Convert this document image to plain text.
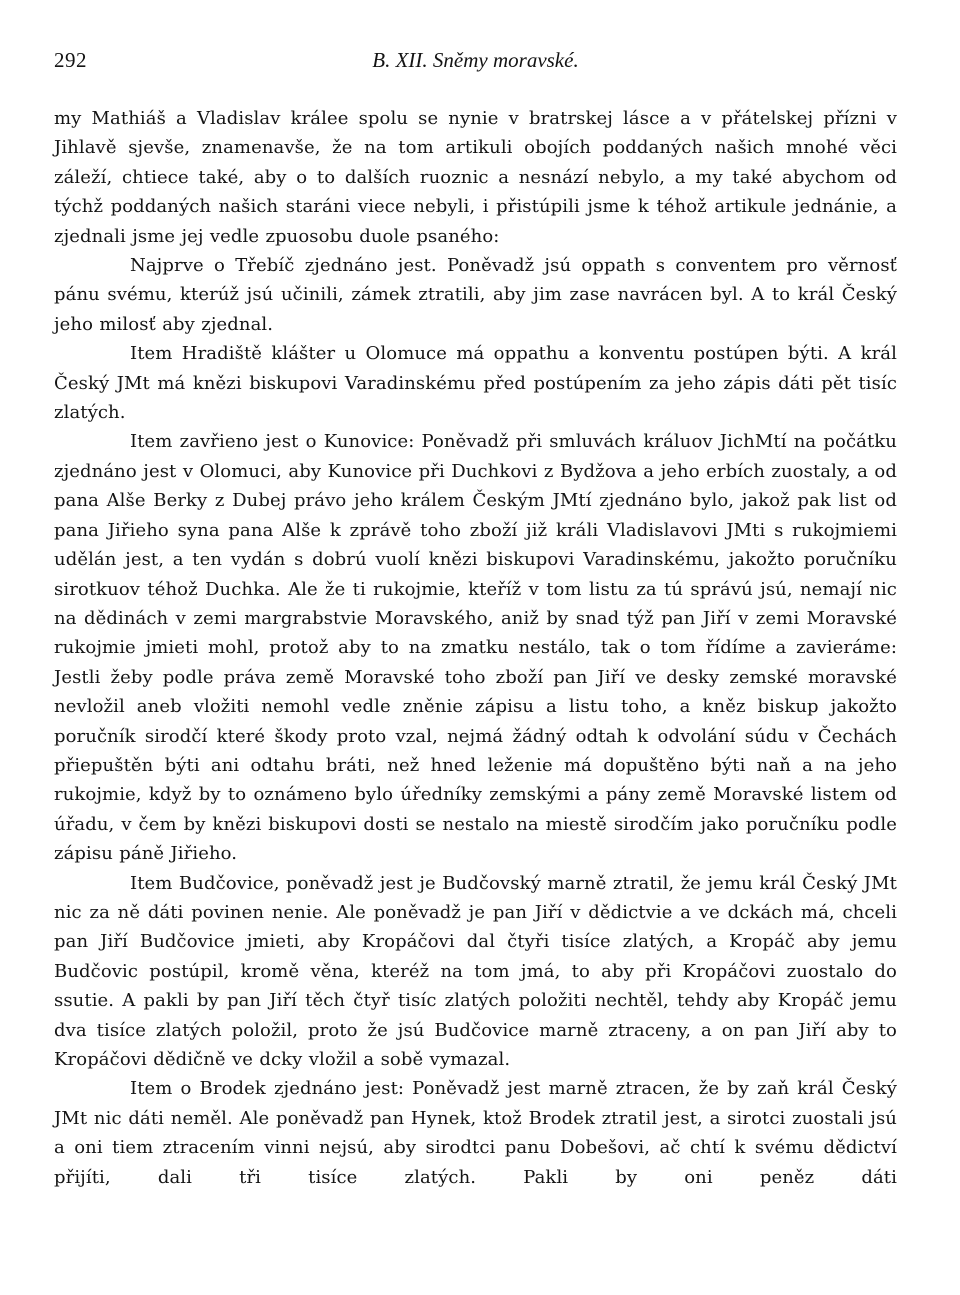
292	B. XII. Sněmy moravské.

my Mathiáš a Vladislav králee spolu se nynie v bratrskej lásce a v přátelskej přízni v Jihlavě sjevše, znamenavše, že na tom artikuli obojích poddaných našich mnohé věci záleží, chtiece také, aby o to dalších ruoznic a nesnází nebylo, a my také abychom od týchž poddaných našich staráni viece nebyli, i přistúpili jsme k téhož artikule jednánie, a zjednali jsme jej vedle zpuosobu duole psaného:

Najprve o Třebíč zjednáno jest. Poněvadž jsú oppath s conventem pro věrnosť pánu svému, kterúž jsú učinili, zámek ztratili, aby jim zase navrácen byl. A to král Český jeho milosť aby zjednal.

Item Hradiště klášter u Olomuce má oppathu a konventu postúpen býti. A král Český JMt má knězi biskupovi Varadinskému před postúpením za jeho zápis dáti pět tisíc zlatých.

Item zavřieno jest o Kunovice: Poněvadž při smluvách králuov JichMtí na počátku zjednáno jest v Olomuci, aby Kunovice při Duchkovi z Bydžova a jeho erbích zuostaly, a od pana Alše Berky z Dubej právo jeho králem Českým JMtí zjednáno bylo, jakož pak list od pana Jiřieho syna pana Alše k zprávě toho zboží již králi Vladislavovi JMti s rukojmiemi udělán jest, a ten vydán s dobrú vuolí knězi biskupovi Varadinskému, jakožto poručníku sirotkuov téhož Duchka. Ale že ti rukojmie, kteříž v tom listu za tú správú jsú, nemají nic na dědinách v zemi margrabstvie Moravského, aniž by snad týž pan Jiří v zemi Moravské rukojmie jmieti mohl, protož aby to na zmatku nestálo, tak o tom řídíme a zavieráme: Jestli žeby podle práva země Moravské toho zboží pan Jiří ve desky zemské moravské nevložil aneb vložiti nemohl vedle zněnie zápisu a listu toho, a kněz biskup jakožto poručník sirodčí které škody proto vzal, nejmá žádný odtah k odvolání súdu v Čechách přiepuštěn býti ani odtahu bráti, než hned leženie má dopuštěno býti naň a na jeho rukojmie, když by to oznámeno bylo úředníky zemskými a pány země Moravské listem od úřadu, v čem by knězi biskupovi dosti se nestalo na miestě sirodčím jako poručníku podle zápisu páně Jiřieho.

Item Budčovice, poněvadž jest je Budčovský marně ztratil, že jemu král Český JMt nic za ně dáti povinen nenie. Ale poněvadž je pan Jiří v dědictvie a ve dckách má, chceli pan Jiří Budčovice jmieti, aby Kropáčovi dal čtyři tisíce zlatých, a Kropáč aby jemu Budčovic postúpil, kromě věna, kteréž na tom jmá, to aby při Kropáčovi zuostalo do ssutie. A pakli by pan Jiří těch čtyř tisíc zlatých položiti nechtěl, tehdy aby Kropáč jemu dva tisíce zlatých položil, proto že jsú Budčovice marně ztraceny, a on pan Jiří aby to Kropáčovi dědičně ve dcky vložil a sobě vymazal.

Item o Brodek zjednáno jest: Poněvadž jest marně ztracen, že by zaň král Český JMt nic dáti neměl. Ale poněvadž pan Hynek, ktož Brodek ztratil jest, a sirotci zuostali jsú a oni tiem ztracením vinni nejsú, aby sirodtci panu Dobešovi, ač chtí k svému dědictví přijíti, dali tři tisíce zlatých. Pakli by oni peněz dáti
